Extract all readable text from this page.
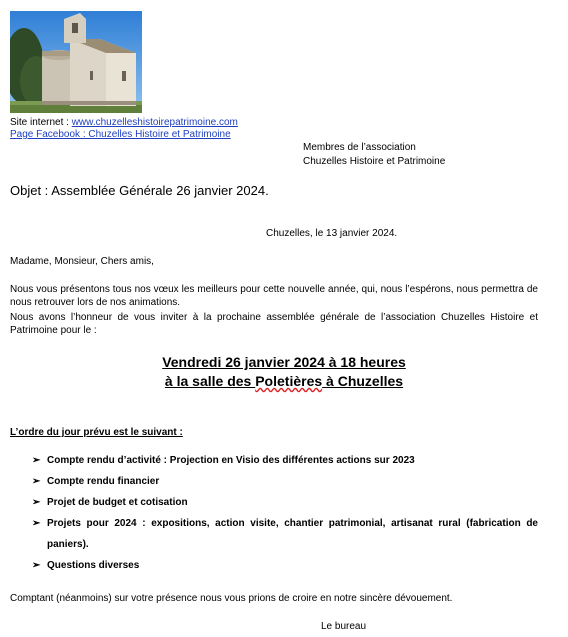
Site internet : www.chuzelleshistoirepatrimoine.com
Page Facebook : Chuzelles Histoire et Patrimoine
Membres de l’association
Chuzelles Histoire et Patrimoine
Objet : Assemblée Générale 26 janvier 2024.
Chuzelles, le 13 janvier 2024.
Madame, Monsieur, Chers amis,
Nous vous présentons tous nos vœux les meilleurs pour cette nouvelle année, qui, nous l’espérons, nous permettra de nous retrouver lors de nos animations.
Nous avons l’honneur de vous inviter à la prochaine assemblée générale de l’association Chuzelles Histoire et Patrimoine pour le :
Vendredi 26 janvier 2024 à 18 heures
à la salle des Poletières à Chuzelles
L’ordre du jour prévu est le suivant :
➢ Compte rendu d’activité : Projection en Visio des différentes actions sur 2023
➢ Compte rendu financier
➢ Projet de budget et cotisation
➢ Projets pour 2024 : expositions, action visite, chantier patrimonial, artisanat rural (fabrication de paniers).
➢ Questions diverses
Comptant (néanmoins) sur votre présence nous vous prions de croire en notre sincère dévouement.
Le bureau
